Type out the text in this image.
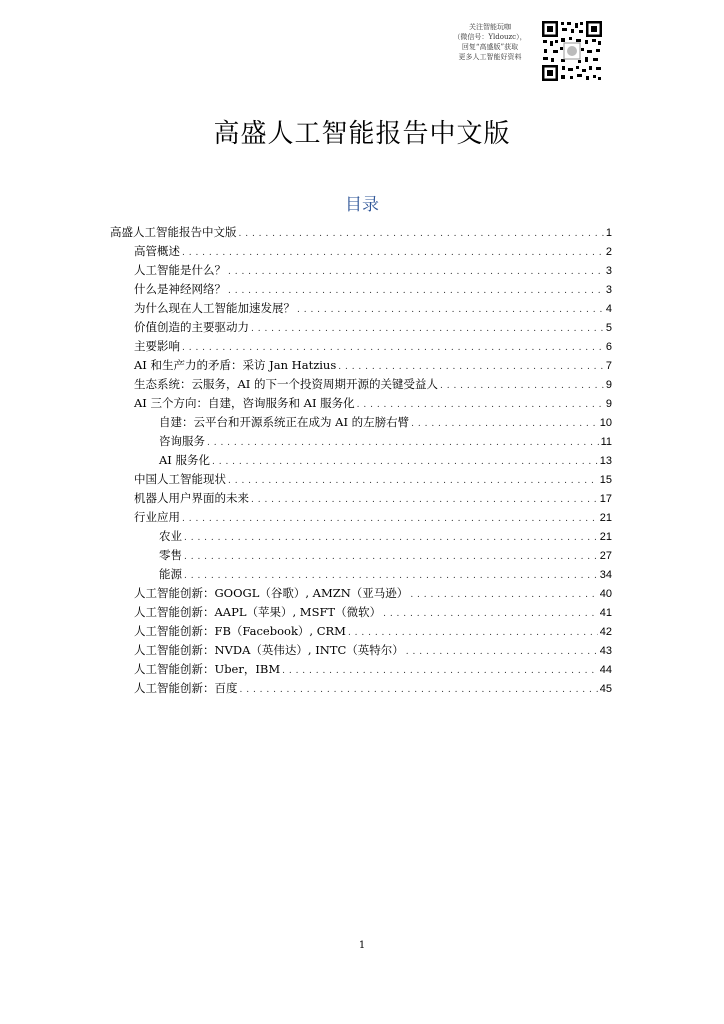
关注智能玩咖
（微信号：Yldouzc），
回复“高盛版”获取
更多人工智能好资料
高盛人工智能报告中文版
目录
高盛人工智能报告中文版 . . .	1
高管概述 . . .	2
人工智能是什么？ . . .	3
什么是神经网络？ . . .	3
为什么现在人工智能加速发展？ . . .	4
价值创造的主要驱动力 . . .	5
主要影响 . . .	6
AI 和生产力的矛盾：采访 Jan Hatzius . . .	7
生态系统：云服务，AI 的下一个投资周期开源的关键受益人 . . .	9
AI 三个方向：自建，咨询服务和 AI 服务化 . . .	9
自建：云平台和开源系统正在成为 AI 的左膀右臂 . . .	10
咨询服务 . . .	11
AI 服务化 . . .	13
中国人工智能现状 . . .	15
机器人用户界面的未来 . . .	17
行业应用 . . .	21
农业 . . .	21
零售 . . .	27
能源 . . .	34
人工智能创新：GOOGL（谷歌）, AMZN（亚马逊） . . .	40
人工智能创新：AAPL（苹果）, MSFT（微软） . . .	41
人工智能创新：FB（Facebook）, CRM . . .	42
人工智能创新：NVDA（英伟达）, INTC（英特尔） . . .	43
人工智能创新：Uber，IBM . . .	44
人工智能创新：百度 . . .	45
1
